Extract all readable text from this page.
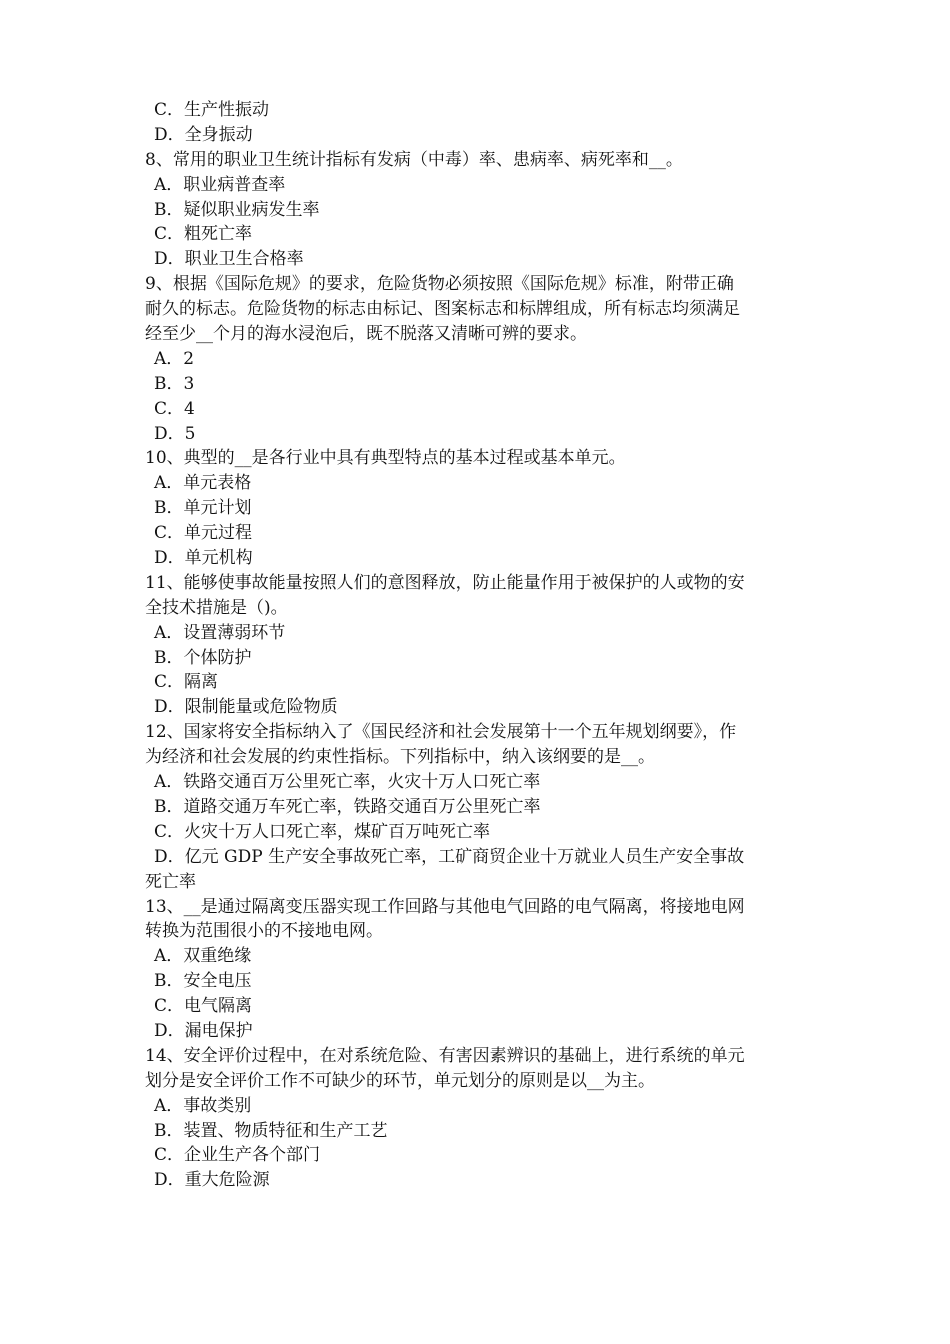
C．生产性振动
D．全身振动
8、常用的职业卫生统计指标有发病（中毒）率、患病率、病死率和__。
A．职业病普查率
B．疑似职业病发生率
C．粗死亡率
D．职业卫生合格率
9、根据《国际危规》的要求，危险货物必须按照《国际危规》标准，附带正确
耐久的标志。危险货物的标志由标记、图案标志和标牌组成，所有标志均须满足
经至少__个月的海水浸泡后，既不脱落又清晰可辨的要求。
A．2
B．3
C．4
D．5
10、典型的__是各行业中具有典型特点的基本过程或基本单元。
A．单元表格
B．单元计划
C．单元过程
D．单元机构
11、能够使事故能量按照人们的意图释放，防止能量作用于被保护的人或物的安
全技术措施是（)。
A．设置薄弱环节
B．个体防护
C．隔离
D．限制能量或危险物质
12、国家将安全指标纳入了《国民经济和社会发展第十一个五年规划纲要》，作
为经济和社会发展的约束性指标。下列指标中，纳入该纲要的是__。
A．铁路交通百万公里死亡率，火灾十万人口死亡率
B．道路交通万车死亡率，铁路交通百万公里死亡率
C．火灾十万人口死亡率，煤矿百万吨死亡率
D．亿元 GDP 生产安全事故死亡率，工矿商贸企业十万就业人员生产安全事故
死亡率
13、__是通过隔离变压器实现工作回路与其他电气回路的电气隔离，将接地电网
转换为范围很小的不接地电网。
A．双重绝缘
B．安全电压
C．电气隔离
D．漏电保护
14、安全评价过程中，在对系统危险、有害因素辨识的基础上，进行系统的单元
划分是安全评价工作不可缺少的环节，单元划分的原则是以__为主。
A．事故类别
B．装置、物质特征和生产工艺
C．企业生产各个部门
D．重大危险源
